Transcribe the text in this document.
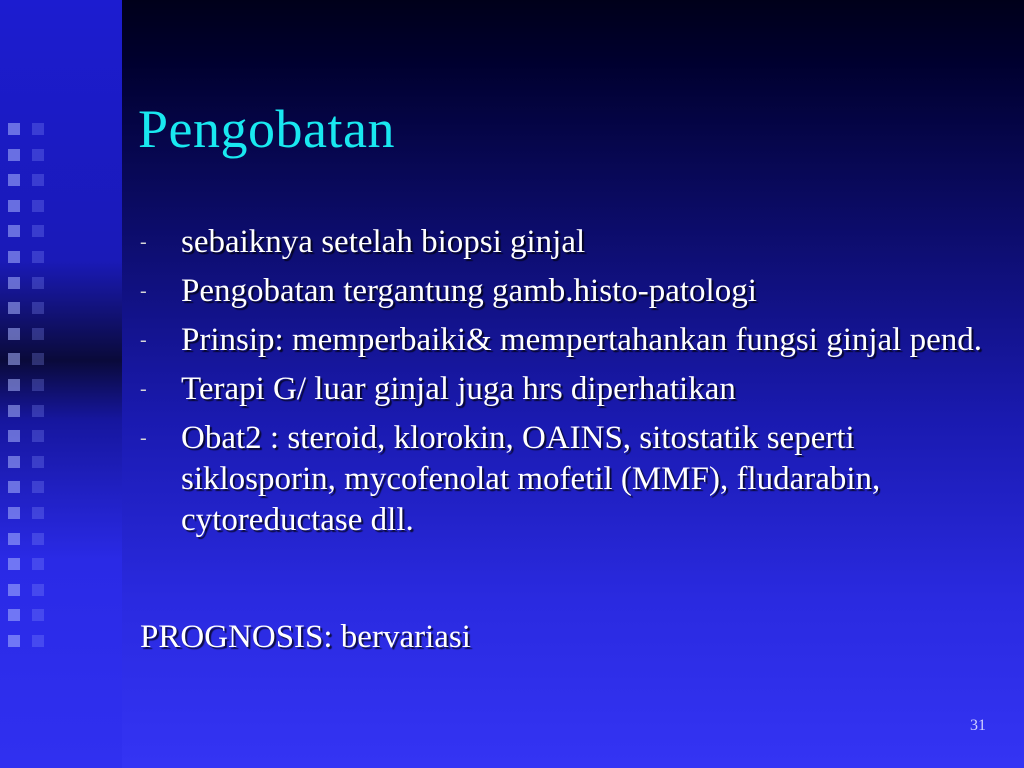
Pengobatan
- sebaiknya setelah biopsi ginjal
- Pengobatan tergantung gamb.histo-patologi
- Prinsip: memperbaiki& mempertahankan fungsi ginjal pend.
- Terapi G/ luar ginjal juga hrs diperhatikan
- Obat2 : steroid, klorokin, OAINS, sitostatik seperti siklosporin, mycofenolat mofetil (MMF), fludarabin, cytoreductase dll.

PROGNOSIS: bervariasi

31
